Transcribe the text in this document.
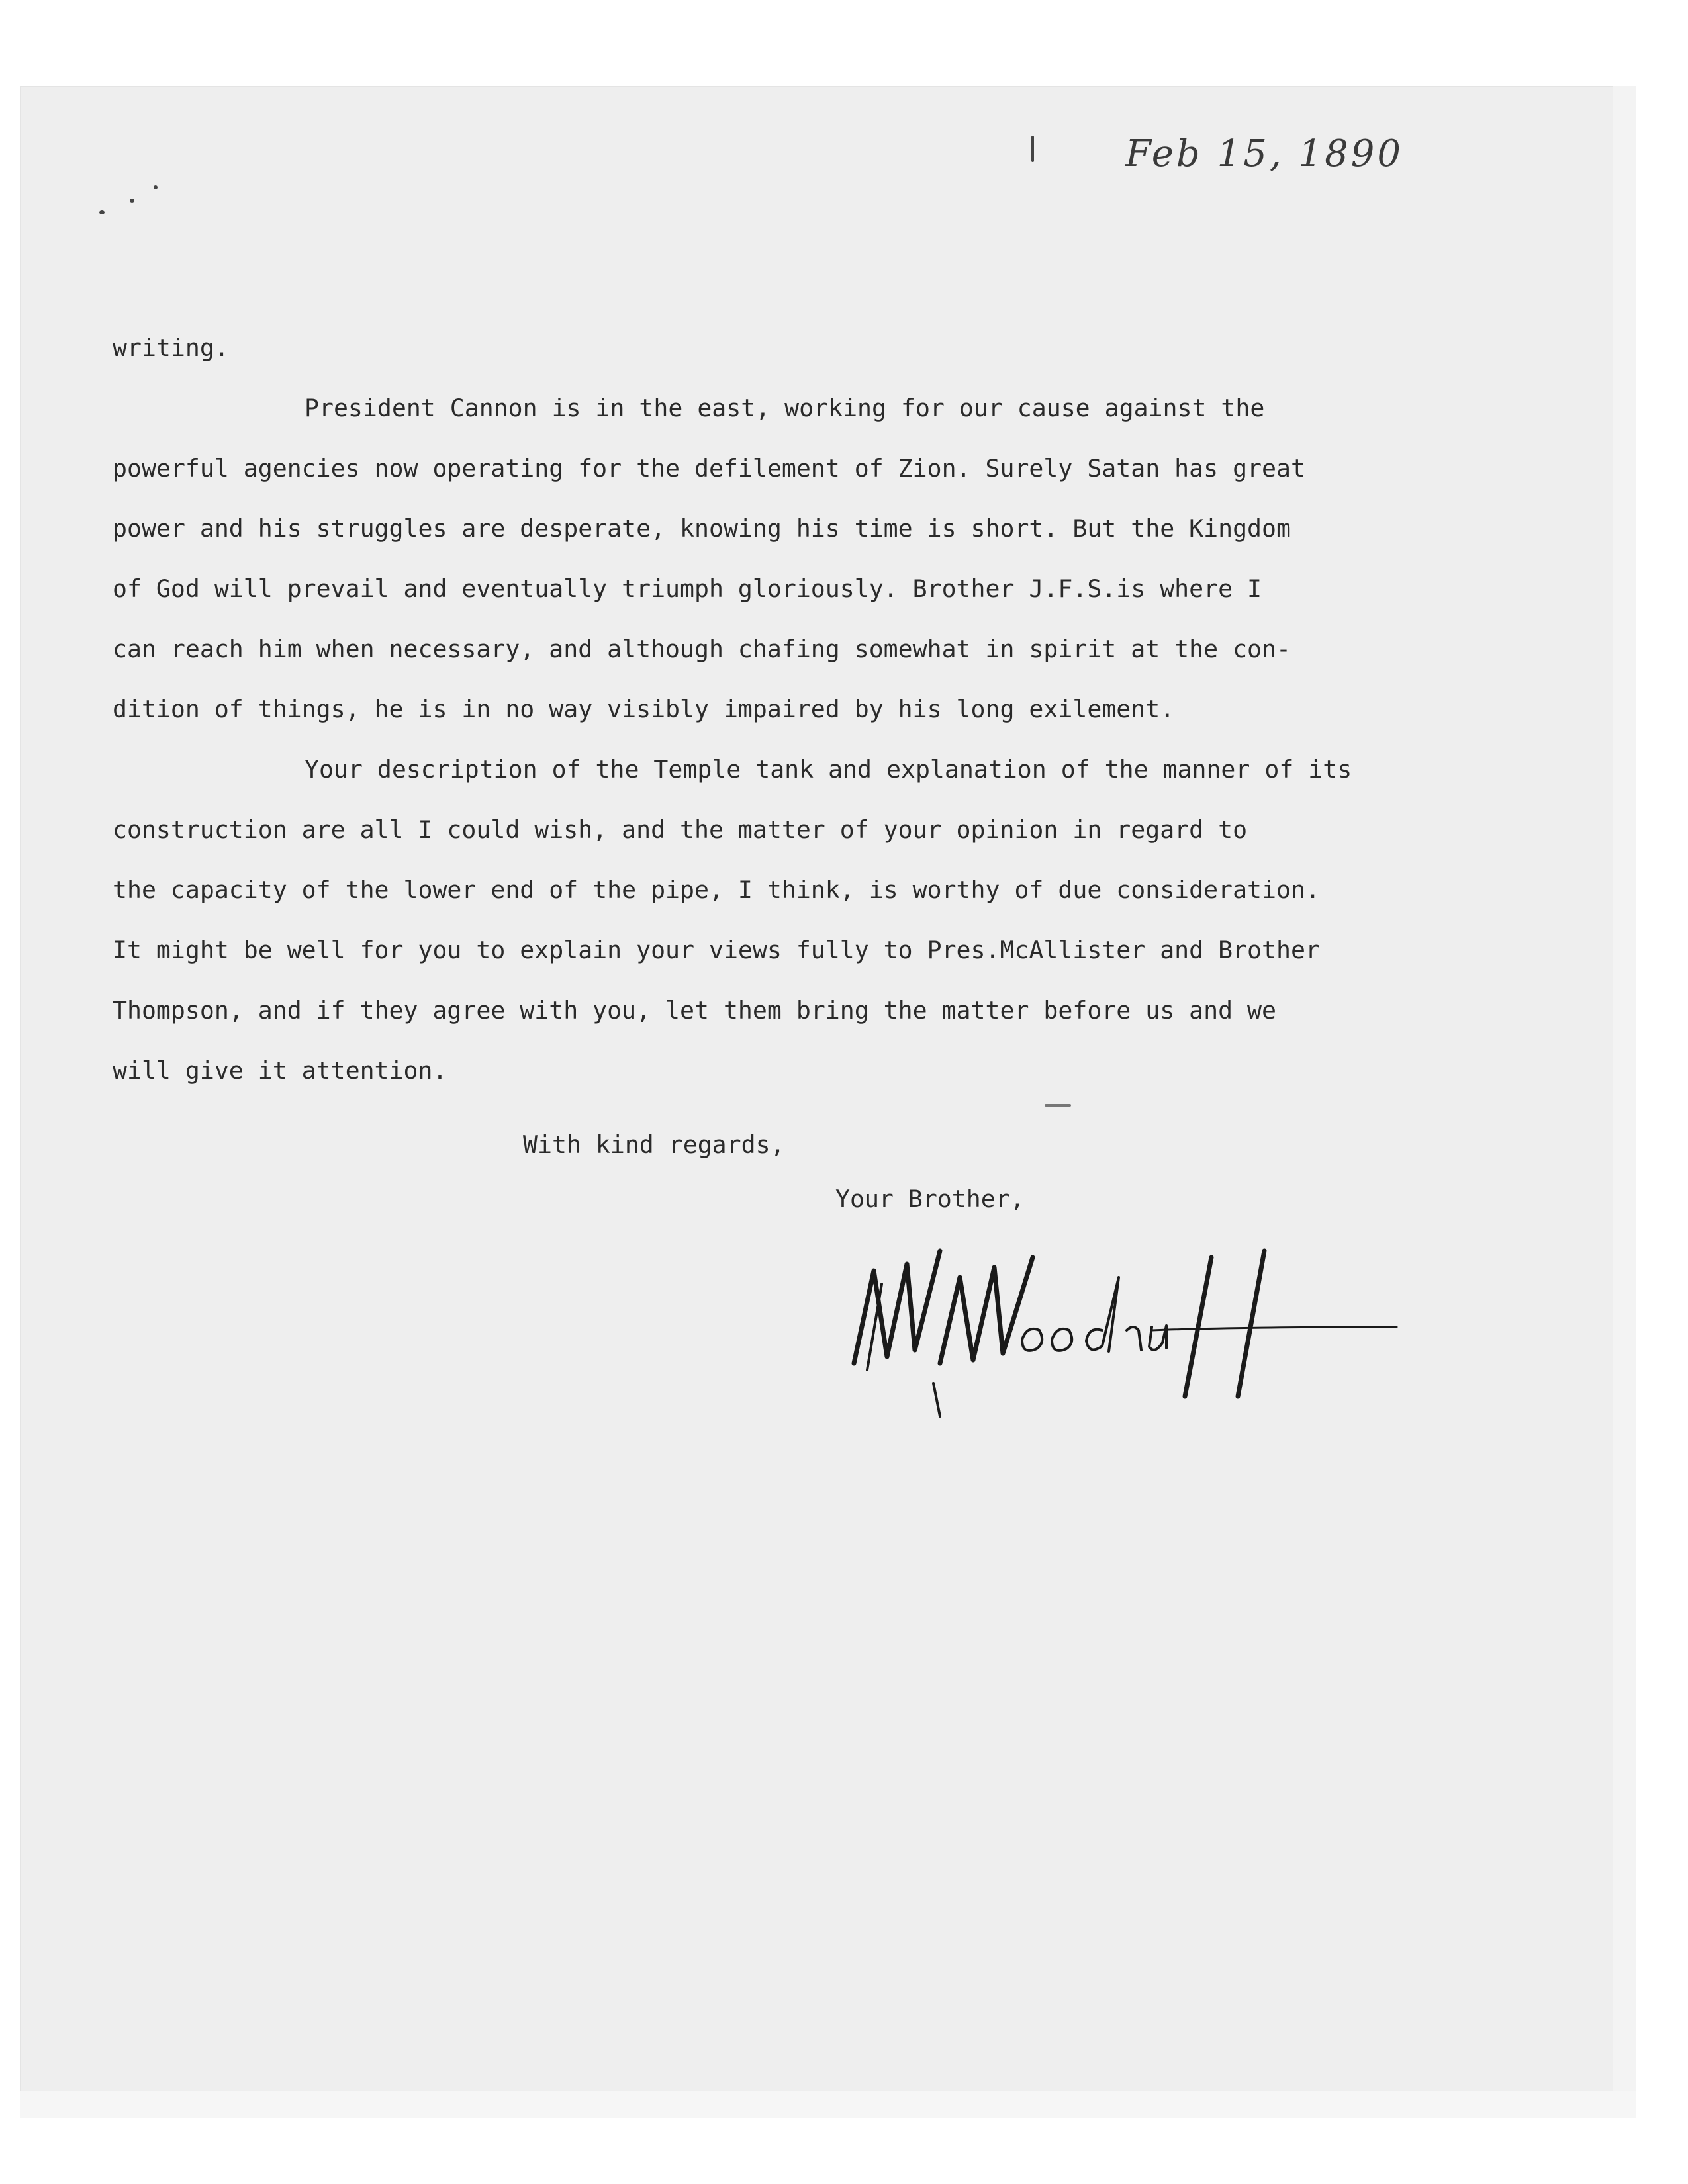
Feb 15, 1890
writing.
President Cannon is in the east, working for our cause against the
powerful agencies now operating for the defilement of Zion. Surely Satan has great
power and his struggles are desperate, knowing his time is short. But the Kingdom
of God will prevail and eventually triumph gloriously. Brother J.F.S.is where I
can reach him when necessary, and although chafing somewhat in spirit at the con-
dition of things, he is in no way visibly impaired by his long exilement.
Your description of the Temple tank and explanation of the manner of its
construction are all I could wish, and the matter of your opinion in regard to
the capacity of the lower end of the pipe, I think, is worthy of due consideration.
It might be well for you to explain your views fully to Pres.McAllister and Brother
Thompson, and if they agree with you, let them bring the matter before us and we
will give it attention.
With kind regards,
Your Brother,
W Woodruff
